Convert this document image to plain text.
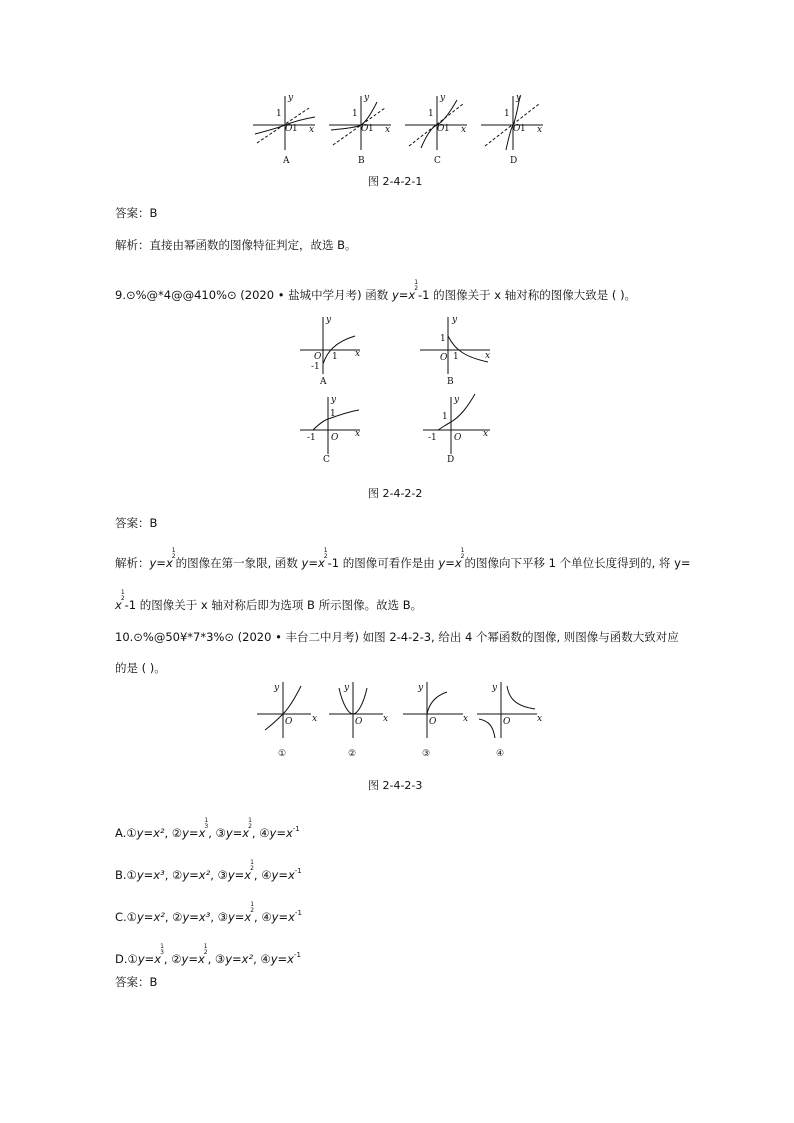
y
x
O 1
1
A
y
x
O 1
1
B
y
x
O 1
1
C
y
x
O 1
1
D
图 2-4-2-1
答案：B
解析：直接由幂函数的图像特征判定，故选 B。
9.⊙%@*4@@410%⊙ (2020 • 盐城中学月考) 函数 y=x1
2-1 的图像关于 x 轴对称的图像大致是 ( )。
y
x
O 1
-1
A
y
x
O
1
1
B
y
x
O
-1
1
C
y
x
O
-1
1
D
图 2-4-2-2
答案：B
解析：y=x1
2的图像在第一象限, 函数 y=x1
2-1 的图像可看作是由 y=x1
2的图像向下平移 1 个单位长度得到的, 将 y=
x1
2-1 的图像关于 x 轴对称后即为选项 B 所示图像。故选 B。
10.⊙%@50¥*7*3%⊙ (2020 • 丰台二中月考) 如图 2-4-2-3, 给出 4 个幂函数的图像, 则图像与函数大致对应
的是 ( )。
y
x
O
①
y
x
O
②
y
x
O
③
y
x
O
④
图 2-4-2-3
A.①y=x², ②y=x1
3, ③y=x1
2, $④y=x^{-1}$
B.①y=x³, ②y=x², ③y=x1
2, $④y=x^{-1}$
C.①y=x², ②y=x³, ③y=x1
2, $④y=x^{-1}$
D.①y=x1
3, ②y=x1
2, ③y=x², $④y=x^{-1}$
答案：B
